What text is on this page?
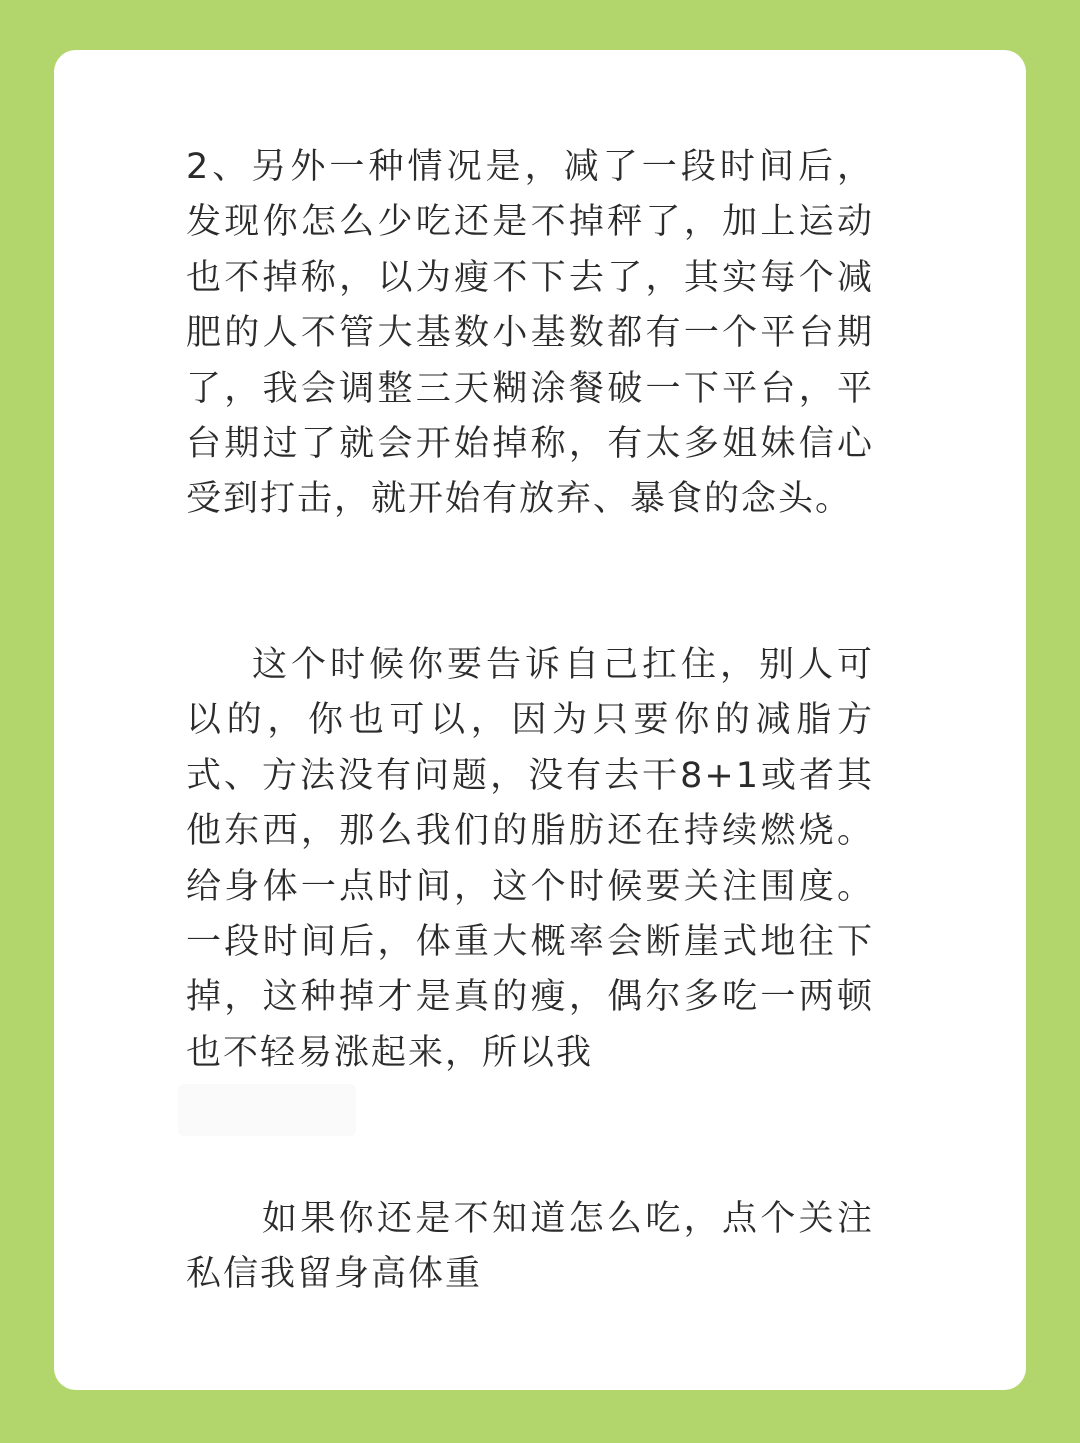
2、另外一种情况是，减了一段时间后，发现你怎么少吃还是不掉秤了，加上运动也不掉称，以为瘦不下去了，其实每个减肥的人不管大基数小基数都有一个平台期了，我会调整三天糊涂餐破一下平台，平台期过了就会开始掉称，有太多姐妹信心受到打击，就开始有放弃、暴食的念头。

这个时候你要告诉自己扛住，别人可以的，你也可以，因为只要你的减脂方式、方法没有问题，没有去干8+1或者其他东西，那么我们的脂肪还在持续燃烧。给身体一点时间，这个时候要关注围度。一段时间后，体重大概率会断崖式地往下掉，这种掉才是真的瘦，偶尔多吃一两顿也不轻易涨起来，所以我

如果你还是不知道怎么吃，点个关注私信我留身高体重
